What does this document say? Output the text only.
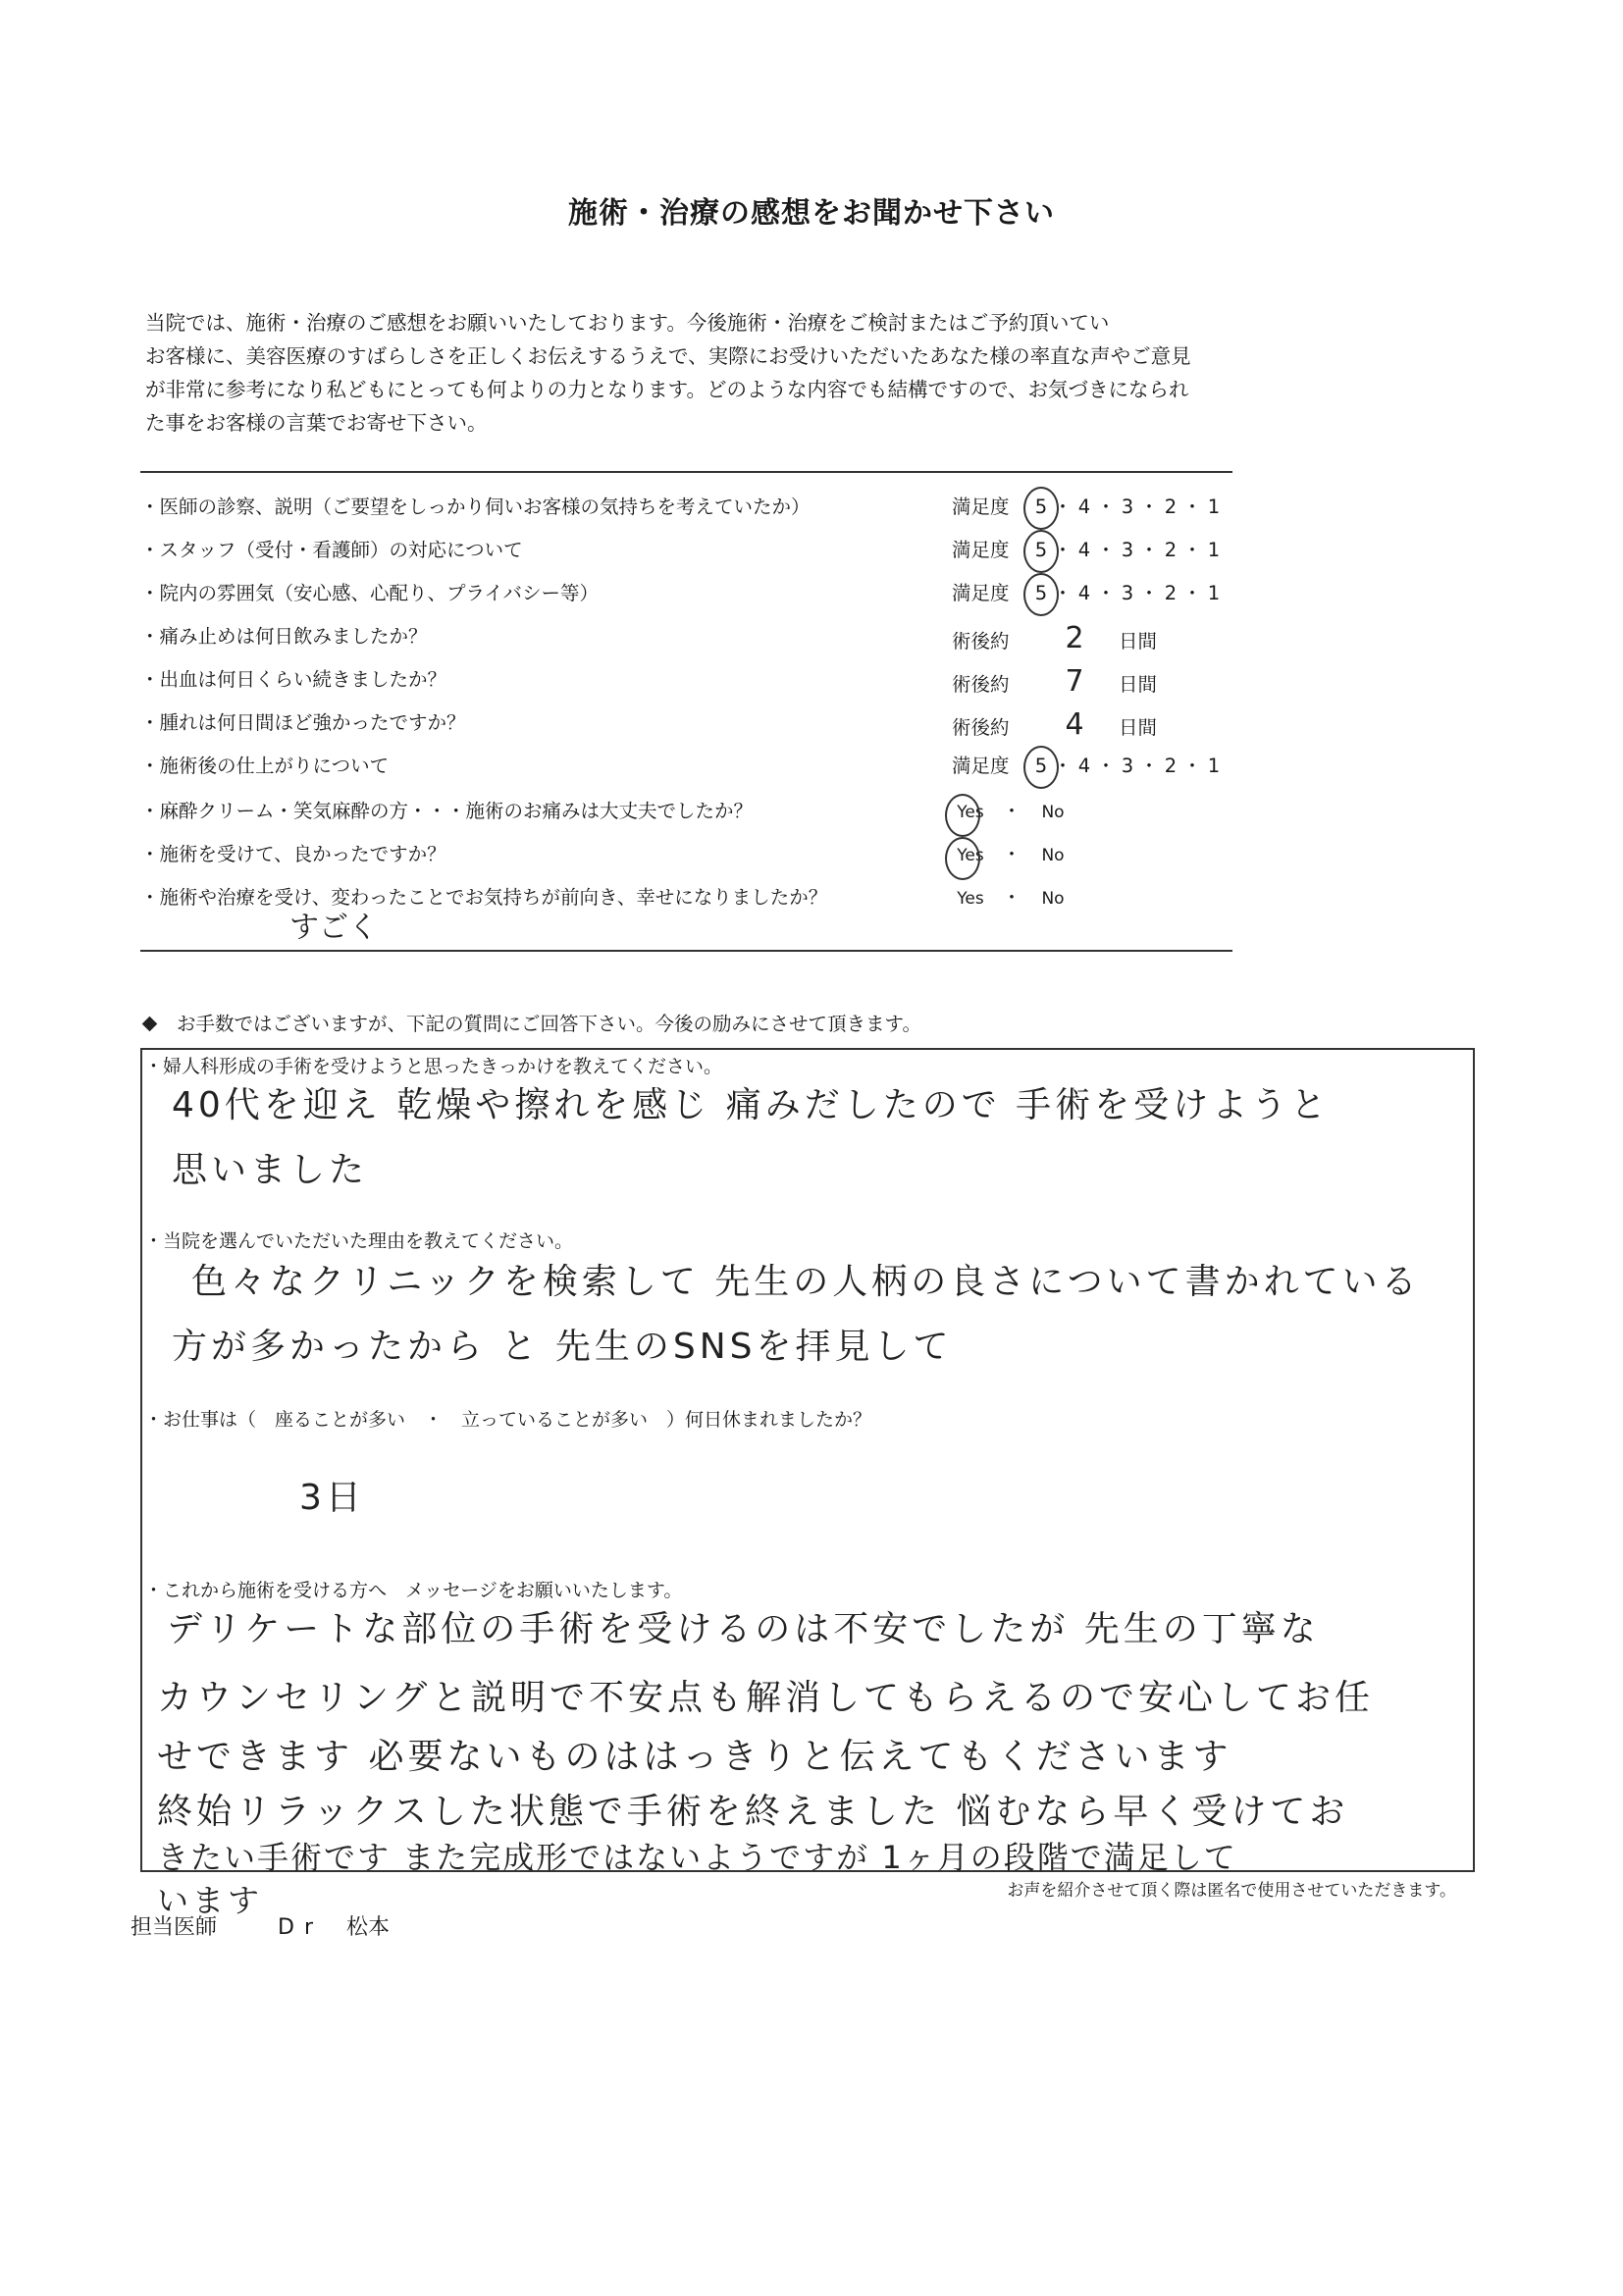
施術・治療の感想をお聞かせ下さい
当院では、施術・治療のご感想をお願いいたしております。今後施術・治療をご検討またはご予約頂いてい
お客様に、美容医療のすばらしさを正しくお伝えするうえで、実際にお受けいただいたあなた様の率直な声やご意見
が非常に参考になり私どもにとっても何よりの力となります。どのような内容でも結構ですので、お気づきになられ
た事をお客様の言葉でお寄せ下さい。
・医師の診察、説明（ご要望をしっかり伺いお客様の気持ちを考えていたか）	満足度 5 ・ 4 ・ 3 ・ 2 ・ 1
・スタッフ（受付・看護師）の対応について	満足度 5 ・ 4 ・ 3 ・ 2 ・ 1
・院内の雰囲気（安心感、心配り、プライバシー等）	満足度 5 ・ 4 ・ 3 ・ 2 ・ 1
・痛み止めは何日飲みましたか？	術後約 2 日間
・出血は何日くらい続きましたか？	術後約 7 日間
・腫れは何日間ほど強かったですか？	術後約 4 日間
・施術後の仕上がりについて	満足度 5 ・ 4 ・ 3 ・ 2 ・ 1
・麻酔クリーム・笑気麻酔の方・・・施術のお痛みは大丈夫でしたか？	Yes ・ No
・施術を受けて、良かったですか？	Yes ・ No
・施術や治療を受け、変わったことでお気持ちが前向き、幸せになりましたか？	Yes ・ No
すごく
お手数ではございますが、下記の質問にご回答下さい。今後の励みにさせて頂きます。
・婦人科形成の手術を受けようと思ったきっかけを教えてください。
40代を迎え 乾燥や擦れを感じ 痛みだしたので 手術を受けようと
思いました
・当院を選んでいただいた理由を教えてください。
色々なクリニックを検索して 先生の人柄の良さについて書かれている
方が多かったから と 先生のSNSを拝見して
・お仕事は（　座ることが多い　・　立っていることが多い　）何日休まれましたか？
3日
・これから施術を受ける方へ　メッセージをお願いいたします。
デリケートな部位の手術を受けるのは不安でしたが 先生の丁寧な
カウンセリングと説明で不安点も解消してもらえるので安心してお任
せできます 必要ないものははっきりと伝えてもくださいます
終始リラックスした状態で手術を終えました 悩むなら早く受けてお
きたい手術です また完成形ではないようですが 1ヶ月の段階で満足して
います	お声を紹介させて頂く際は匿名で使用させていただきます。
担当医師	Dr 松本
